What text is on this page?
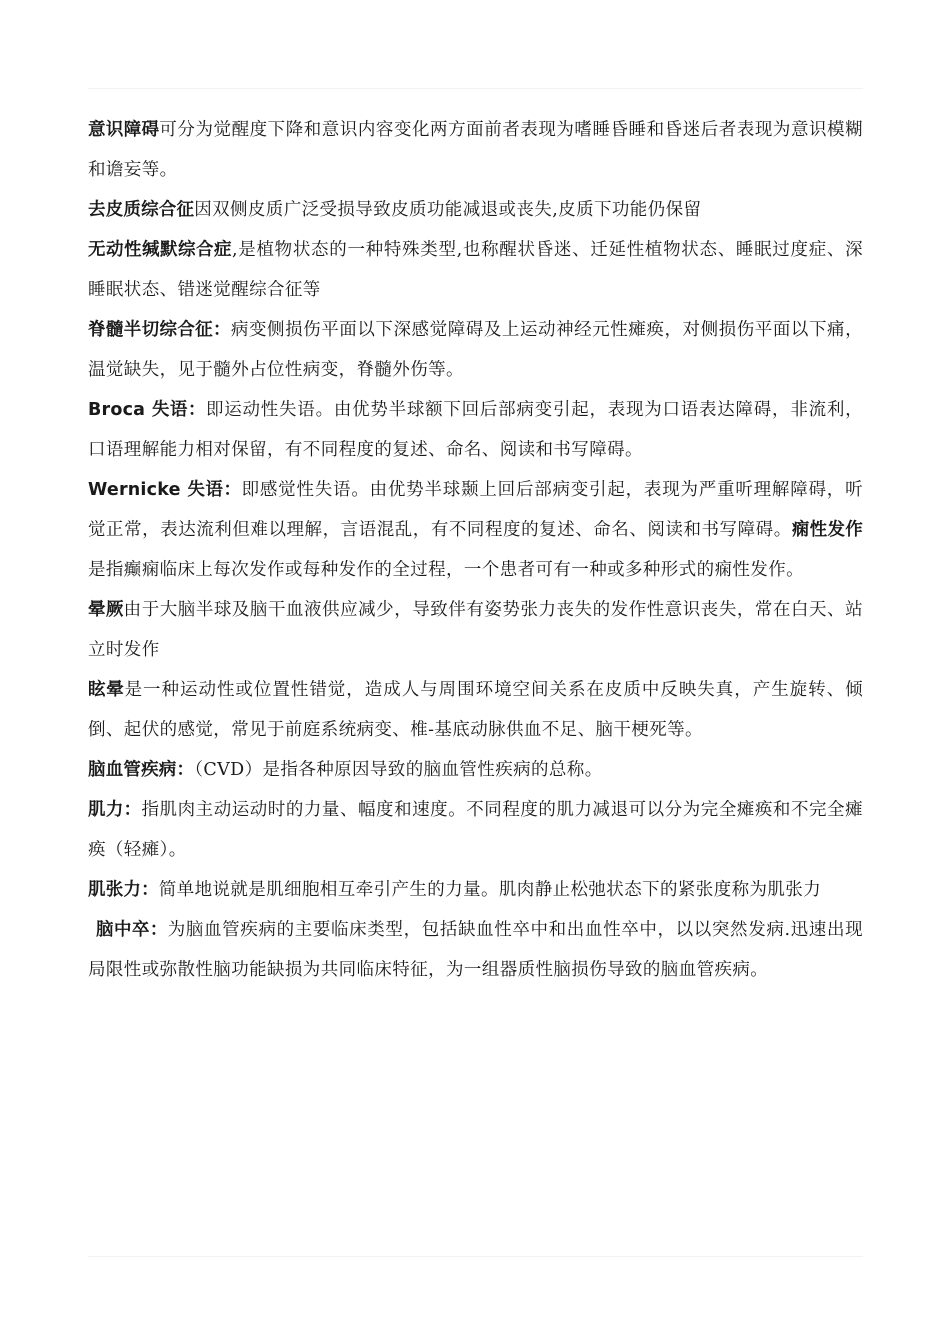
意识障碍可分为觉醒度下降和意识内容变化两方面前者表现为嗜睡昏睡和昏迷后者表现为意识模糊和谵妄等。

去皮质综合征因双侧皮质广泛受损导致皮质功能减退或丧失,皮质下功能仍保留

无动性缄默综合症,是植物状态的一种特殊类型,也称醒状昏迷、迁延性植物状态、睡眠过度症、深睡眠状态、错迷觉醒综合征等

脊髓半切综合征：病变侧损伤平面以下深感觉障碍及上运动神经元性瘫痪，对侧损伤平面以下痛，温觉缺失，见于髓外占位性病变，脊髓外伤等。

Broca 失语：即运动性失语。由优势半球额下回后部病变引起，表现为口语表达障碍，非流利，口语理解能力相对保留，有不同程度的复述、命名、阅读和书写障碍。

Wernicke 失语：即感觉性失语。由优势半球颞上回后部病变引起，表现为严重听理解障碍，听觉正常，表达流利但难以理解，言语混乱，有不同程度的复述、命名、阅读和书写障碍。痫性发作是指癫痫临床上每次发作或每种发作的全过程，一个患者可有一种或多种形式的痫性发作。

晕厥由于大脑半球及脑干血液供应减少，导致伴有姿势张力丧失的发作性意识丧失，常在白天、站立时发作

眩晕是一种运动性或位置性错觉，造成人与周围环境空间关系在皮质中反映失真，产生旋转、倾倒、起伏的感觉，常见于前庭系统病变、椎-基底动脉供血不足、脑干梗死等。

脑血管疾病：（CVD）是指各种原因导致的脑血管性疾病的总称。

肌力：指肌肉主动运动时的力量、幅度和速度。不同程度的肌力减退可以分为完全瘫痪和不完全瘫痪（轻瘫）。

肌张力：简单地说就是肌细胞相互牵引产生的力量。肌肉静止松弛状态下的紧张度称为肌张力

脑中卒：为脑血管疾病的主要临床类型，包括缺血性卒中和出血性卒中，以以突然发病.迅速出现局限性或弥散性脑功能缺损为共同临床特征，为一组器质性脑损伤导致的脑血管疾病。
